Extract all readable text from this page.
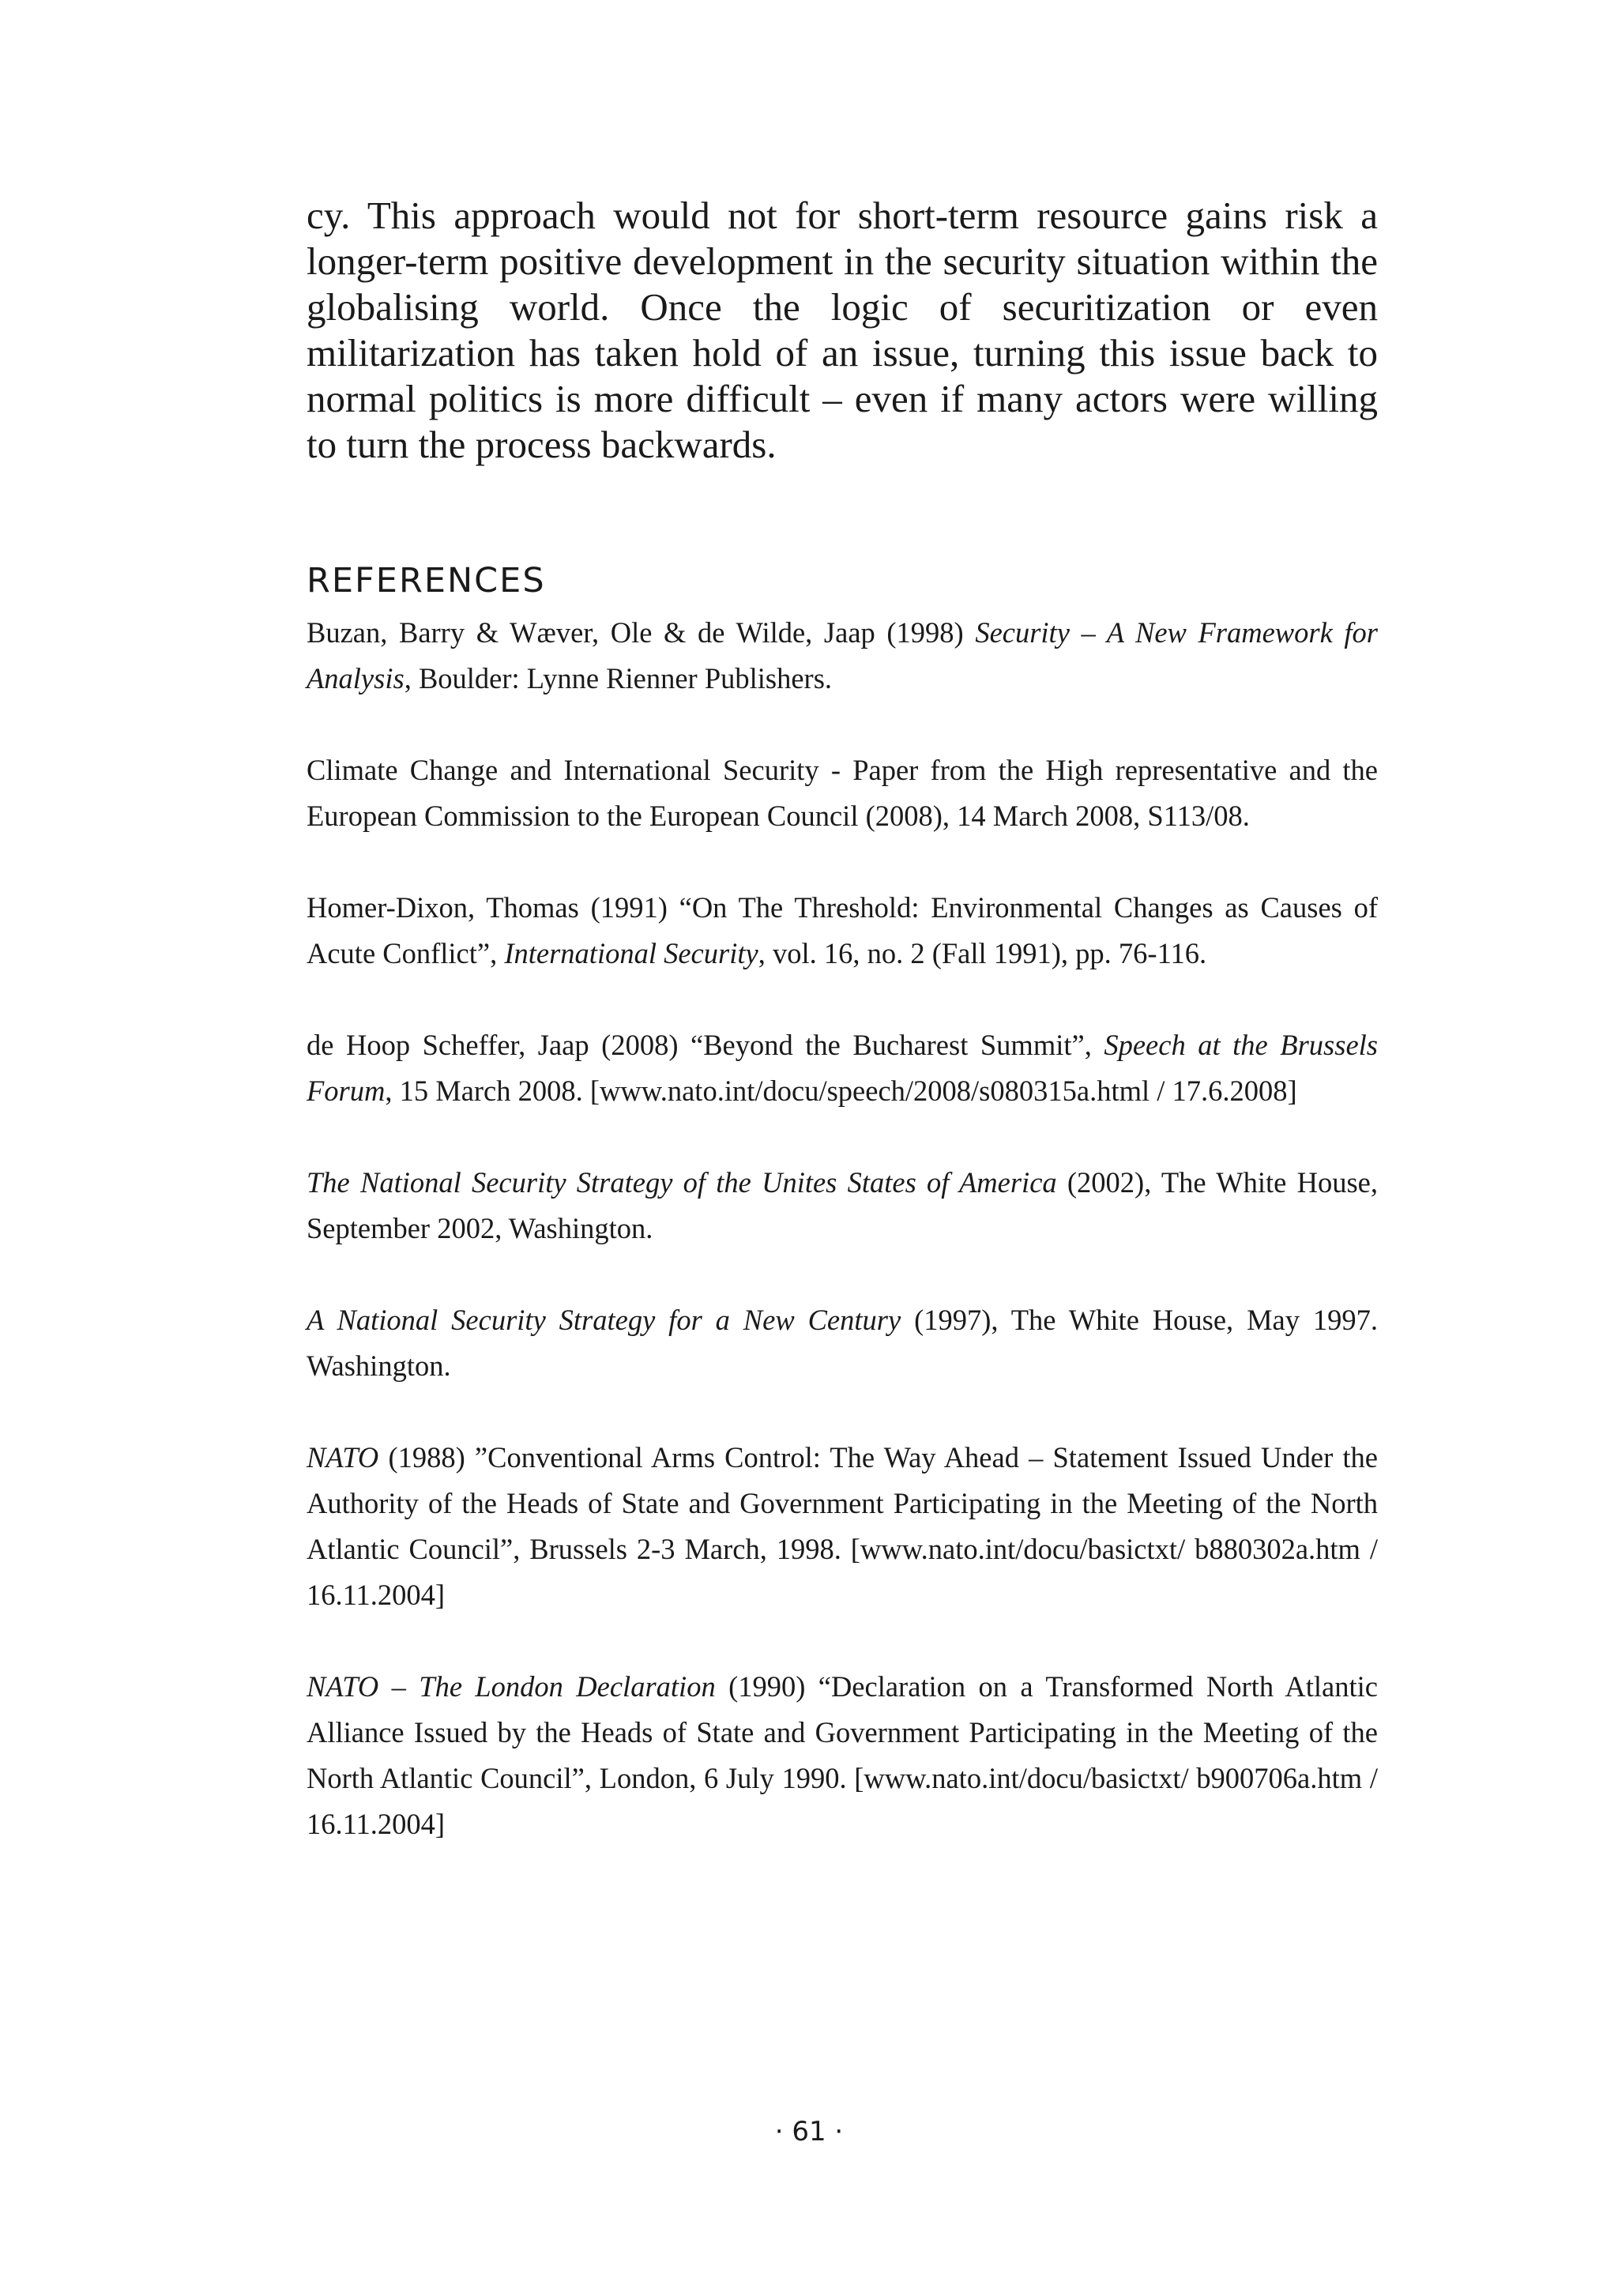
cy. This approach would not for short-term resource gains risk a longer-term positive development in the security situation within the globalising world. Once the logic of securitization or even militarization has taken hold of an issue, turning this issue back to normal politics is more difficult – even if many actors were willing to turn the process backwards.

REFERENCES
Buzan, Barry & Wæver, Ole & de Wilde, Jaap (1998) Security – A New Framework for Analysis, Boulder: Lynne Rienner Publishers.
Climate Change and International Security - Paper from the High representative and the European Commission to the European Council (2008), 14 March 2008, S113/08.
Homer-Dixon, Thomas (1991) “On The Threshold: Environmental Changes as Causes of Acute Conflict”, International Security, vol. 16, no. 2 (Fall 1991), pp. 76-116.
de Hoop Scheffer, Jaap (2008) “Beyond the Bucharest Summit”, Speech at the Brussels Forum, 15 March 2008. [www.nato.int/docu/speech/2008/s080315a.html / 17.6.2008]
The National Security Strategy of the Unites States of America (2002), The White House, September 2002, Washington.
A National Security Strategy for a New Century (1997), The White House, May 1997. Washington.
NATO (1988) ”Conventional Arms Control: The Way Ahead – Statement Issued Under the Authority of the Heads of State and Government Participating in the Meeting of the North Atlantic Council”, Brussels 2-3 March, 1998. [www.nato.int/docu/basictxt/ b880302a.htm / 16.11.2004]
NATO – The London Declaration (1990) “Declaration on a Transformed North Atlantic Alliance Issued by the Heads of State and Government Participating in the Meeting of the North Atlantic Council”, London, 6 July 1990. [www.nato.int/docu/basictxt/ b900706a.htm / 16.11.2004]
· 61 ·
